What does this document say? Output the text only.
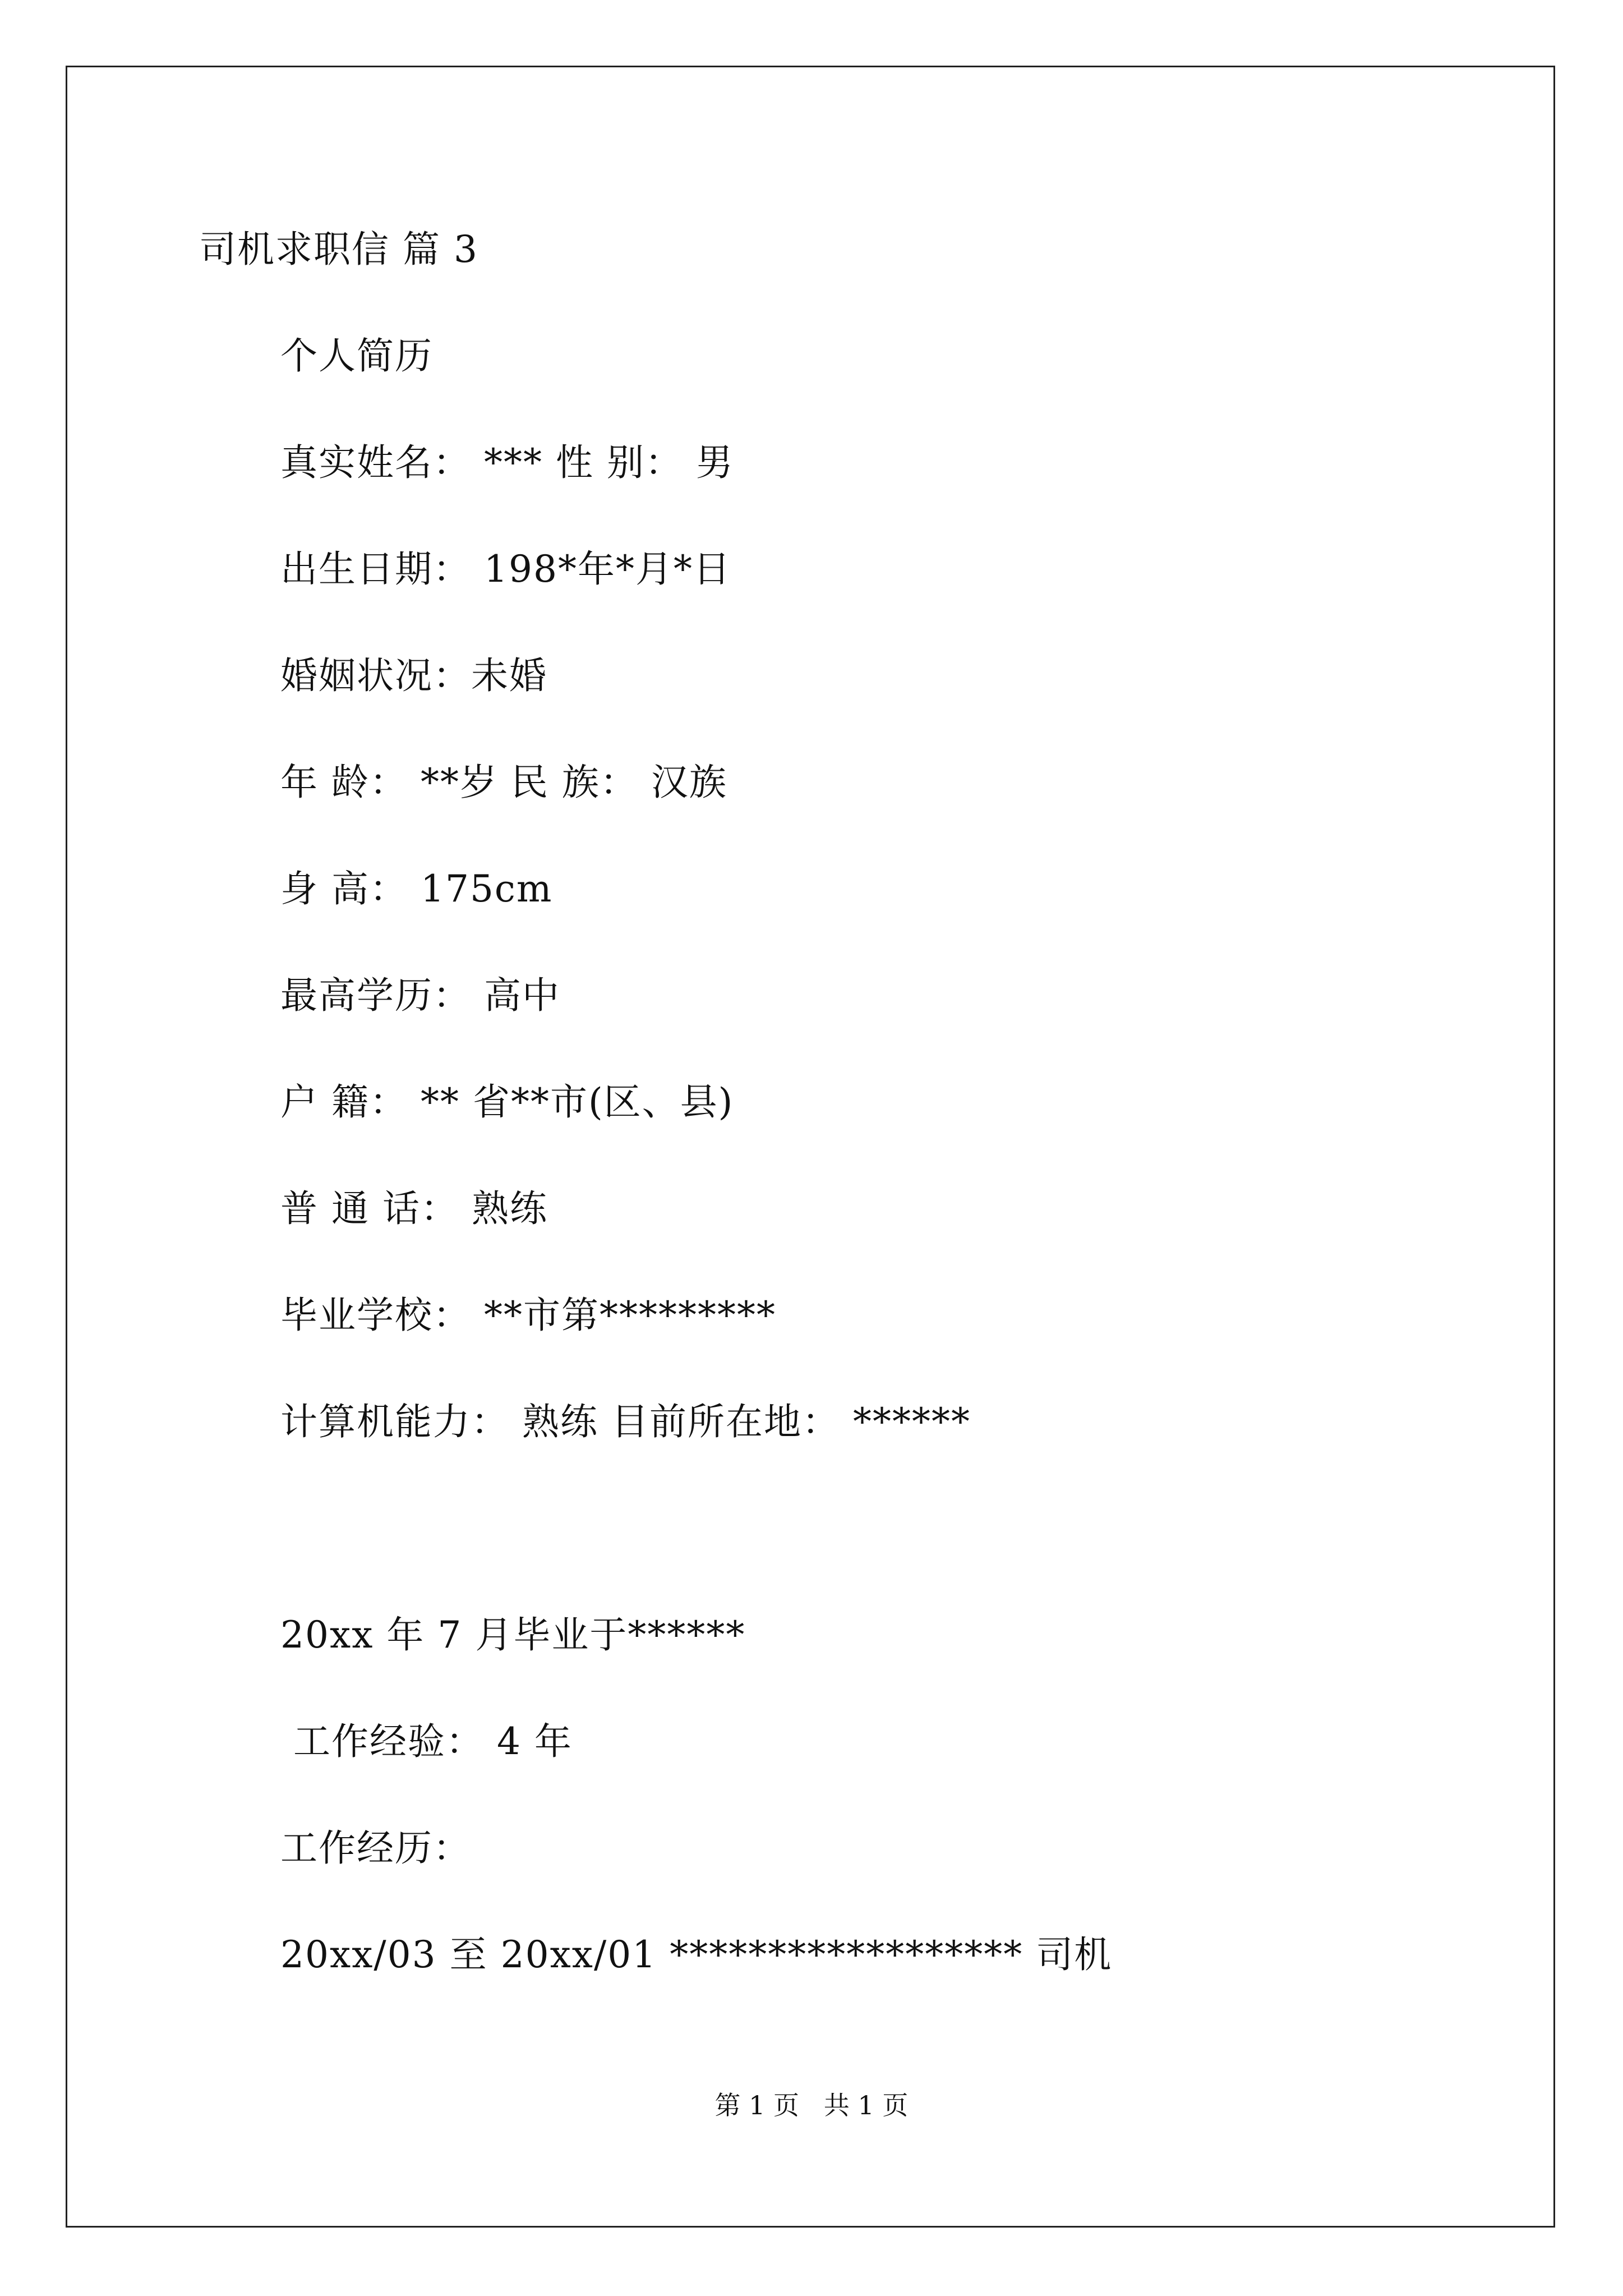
司机求职信 篇 3
个人简历
真实姓名： *** 性 别： 男
出生日期： 198*年*月*日
婚姻状况：未婚
年 龄： **岁 民 族： 汉族
身 高： 175cm
最高学历： 高中
户 籍： ** 省**市(区、县)
普 通 话： 熟练
毕业学校： **市第*********
计算机能力： 熟练 目前所在地： ******
20xx 年 7 月毕业于******
工作经验： 4 年
工作经历：
20xx/03 至 20xx/01 ****************** 司机
第 1 页   共 1 页
